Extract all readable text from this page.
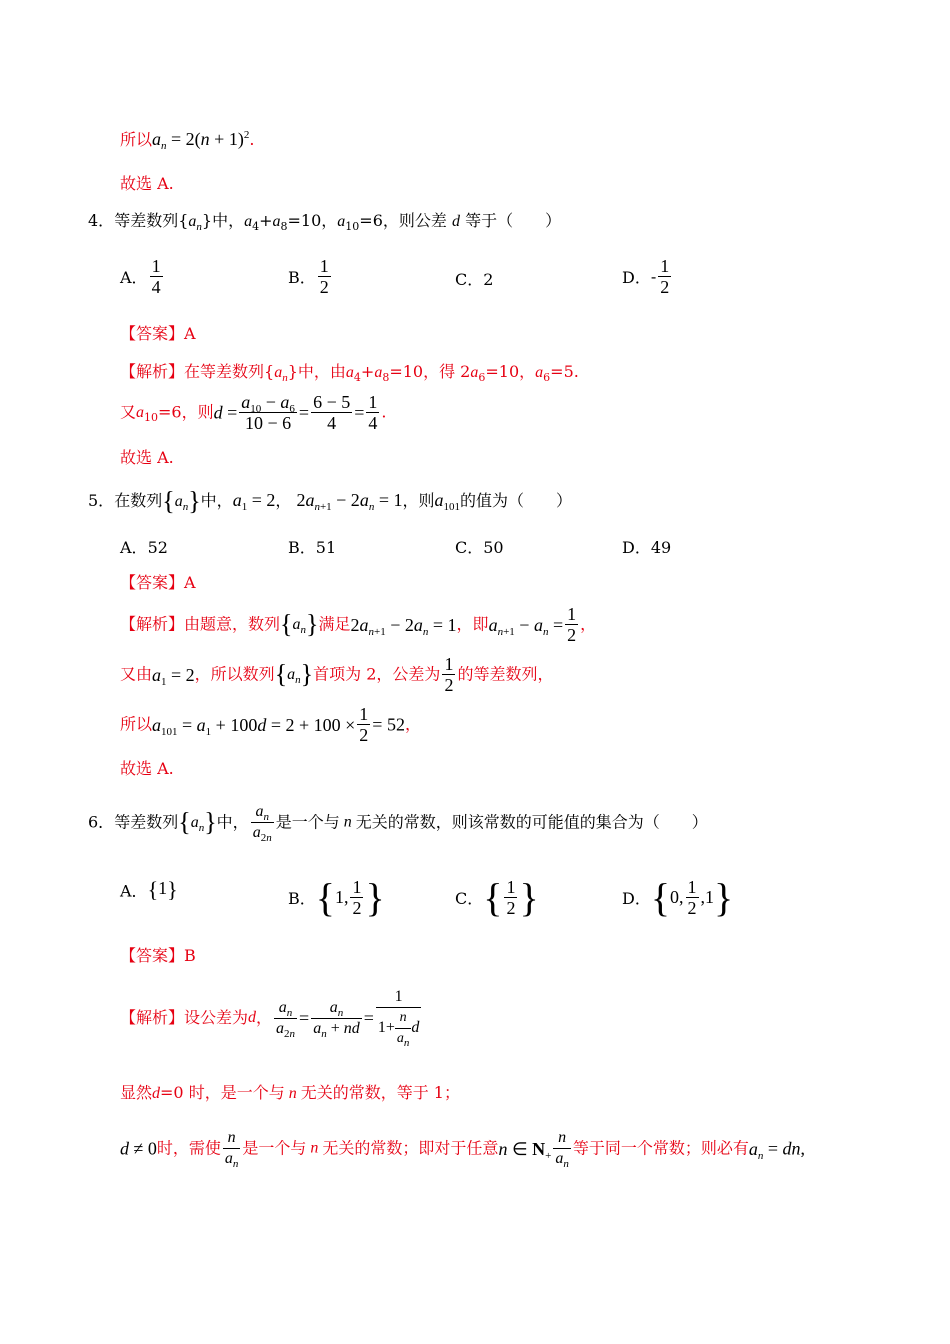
所以$a_n = 2(n + 1)^2$.
故选 A.
4．等差数列$\{a_n\}$中，$a_4+a_8=10$，$a_{10}=6$，则公差 d 等于（　　）
A． $\frac{1}{4}$	B． $\frac{1}{2}$	C．2	D．- $\frac{1}{2}$
【答案】A
【解析】在等差数列$\{a_n\}$中，由$a_4+a_8=10$，得 $2a_6=10$，$a_6=5$.
又$a_{10}=6$，则$d = \frac{a_{10} - a_6}{10 - 6} = \frac{6 - 5}{4} = \frac{1}{4}$ .
故选 A.
5．在数列$\{a_n\}$中，$a_1 = 2$， $2a_{n+1} - 2a_n = 1$，则$a_{101}$的值为（　　）
A．52	B．51	C．50	D．49
【答案】A
【解析】由题意，数列$\{a_n\}$满足$2a_{n+1} - 2a_n = 1$，即$a_{n+1} - a_n = \frac{1}{2}$ ，
又由$a_1 = 2$，所以数列$\{a_n\}$首项为 2，公差为 $\frac{1}{2}$ 的等差数列，
所以$a_{101} = a_1 + 100d = 2 + 100 \times \frac{1}{2} = 52$，
故选 A.
6．等差数列$\{a_n\}$中， $\frac{a_n}{a_{2n}}$ 是一个与 n 无关的常数，则该常数的可能值的集合为（　　）
A．{1}	B．{1, $\frac{1}{2}$ }	C．{ $\frac{1}{2}$ }	D．{0, $\frac{1}{2} ,1$}
【答案】B
【解析】设公差为d， $\frac{a_n}{a_{2n}} = \frac{a_n}{a_n + nd} = \frac{1}{1+ \frac{n}{a_n} d}$
显然d=0 时，是一个与 n 无关的常数，等于 1；
d ≠ 0时，需使 $\frac{n}{a_n}$ 是一个与 n 无关的常数；即对于任意n ∈ $N_+ \frac{n}{a_n}$ 等于同一个常数；则必有$a_n$ = dn,
